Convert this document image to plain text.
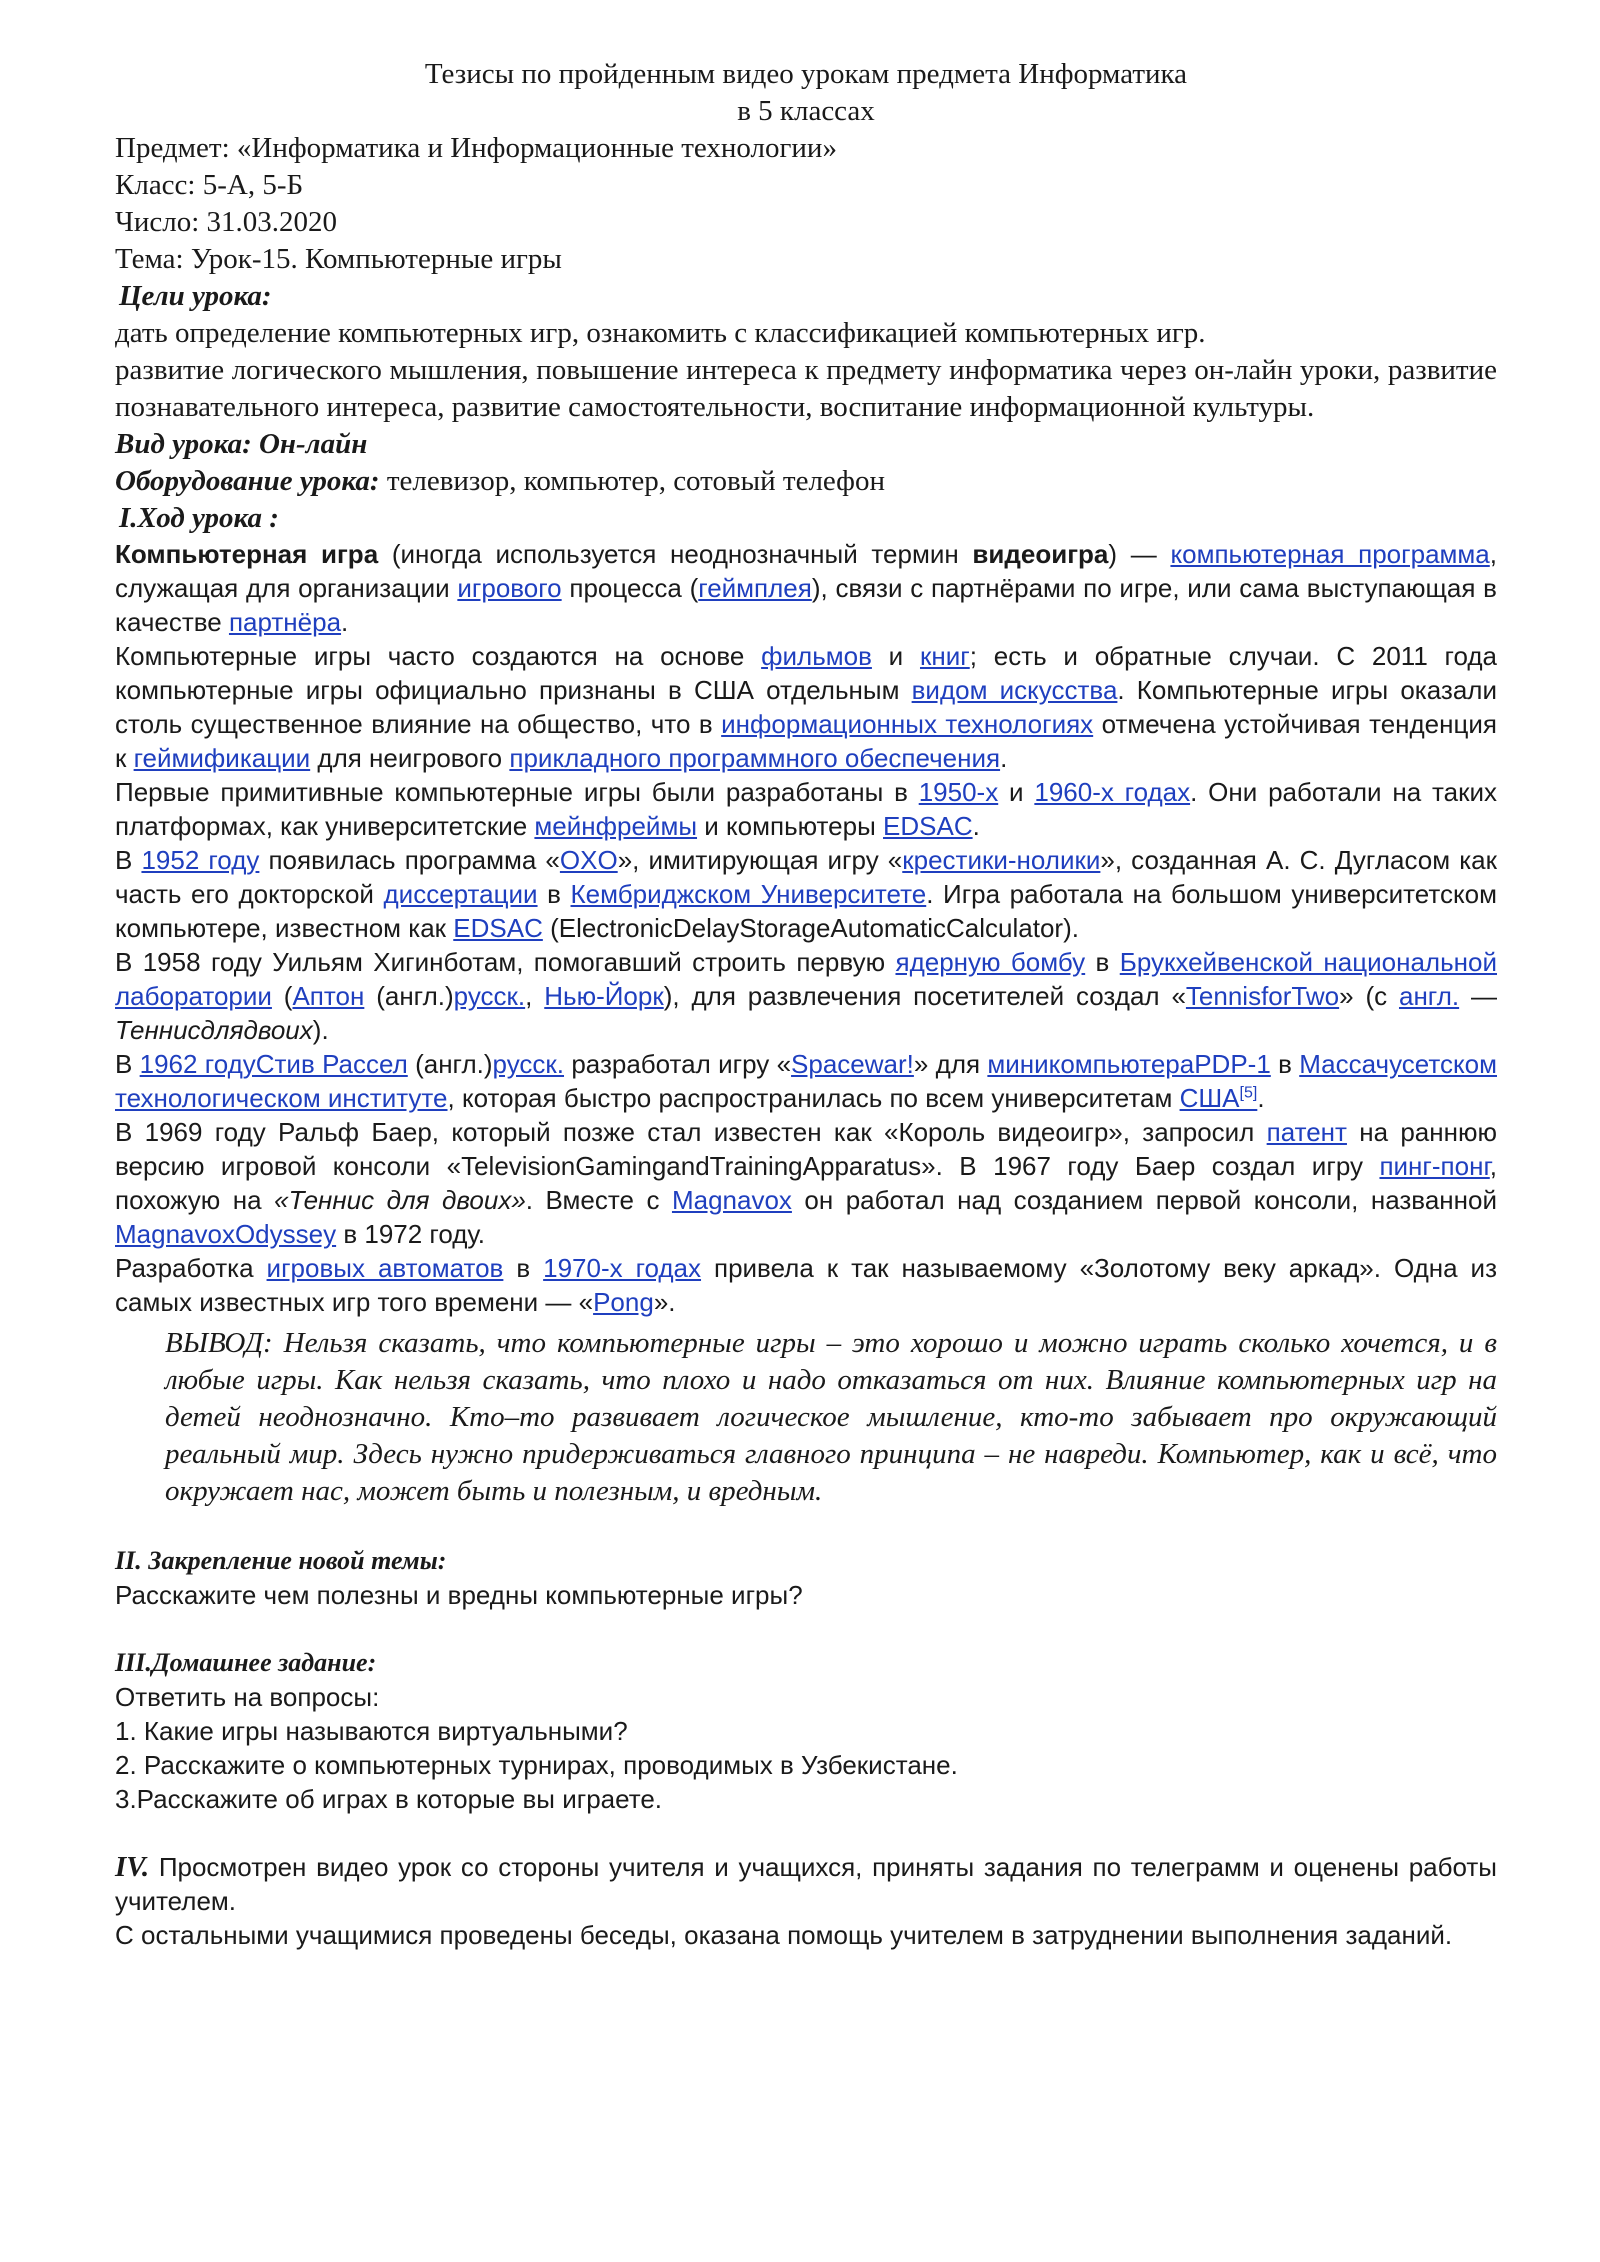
Тезисы по пройденным видео урокам предмета Информатика

в 5 классах

Предмет: «Информатика и Информационные технологии»

Класс: 5-А, 5-Б

Число: 31.03.2020

Тема: Урок-15. Компьютерные игры

Цели урока:

дать определение компьютерных игр, ознакомить с классификацией компьютерных игр.

развитие логического мышления, повышение интереса к предмету информатика через он-лайн уроки, развитие познавательного интереса, развитие самостоятельности, воспитание информационной культуры.

Вид урока: Он-лайн

Оборудование урока: телевизор, компьютер, сотовый телефон

I.Ход урока :

Компьютерная игра (иногда используется неоднозначный термин видеоигра) — компьютерная программа, служащая для организации игрового процесса (геймплея), связи с партнёрами по игре, или сама выступающая в качестве партнёра.

Компьютерные игры часто создаются на основе фильмов и книг; есть и обратные случаи. С 2011 года компьютерные игры официально признаны в США отдельным видом искусства. Компьютерные игры оказали столь существенное влияние на общество, что в информационных технологиях отмечена устойчивая тенденция к геймификации для неигрового прикладного программного обеспечения.

Первые примитивные компьютерные игры были разработаны в 1950-х и 1960-х годах. Они работали на таких платформах, как университетские мейнфреймы и компьютеры EDSAC.

В 1952 году появилась программа «OXO», имитирующая игру «крестики-нолики», созданная А. С. Дугласом как часть его докторской диссертации в Кембриджском Университете. Игра работала на большом университетском компьютере, известном как EDSAC (ElectronicDelayStorageAutomaticCalculator).

В 1958 году Уильям Хигинботам, помогавший строить первую ядерную бомбу в Брукхейвенской национальной лаборатории (Аптон (англ.)русск., Нью-Йорк), для развлечения посетителей создал «TennisforTwo» (с англ. — Теннисдлядвоих).

В 1962 годуСтив Рассел (англ.)русск. разработал игру «Spacewar!» для миникомпьютераPDP-1 в Массачусетском технологическом институте, которая быстро распространилась по всем университетам США[5].

В 1969 году Ральф Баер, который позже стал известен как «Король видеоигр», запросил патент на раннюю версию игровой консоли «TelevisionGamingandTrainingApparatus». В 1967 году Баер создал игру пинг-понг, похожую на «Теннис для двоих». Вместе с Magnavox он работал над созданием первой консоли, названной MagnavoxOdyssey в 1972 году.

Разработка игровых автоматов в 1970-х годах привела к так называемому «Золотому веку аркад». Одна из самых известных игр того времени — «Pong».

ВЫВОД: Нельзя сказать, что компьютерные игры – это хорошо и можно играть сколько хочется, и в любые игры. Как нельзя сказать, что плохо и надо отказаться от них. Влияние компьютерных игр на детей неоднозначно. Кто–то развивает логическое мышление, кто-то забывает про окружающий реальный мир. Здесь нужно придерживаться главного принципа – не навреди. Компьютер, как и всё, что окружает нас, может быть и полезным, и вредным.

II. Закрепление новой темы:

Расскажите чем полезны и вредны компьютерные игры?

III.Домашнее задание:

Ответить на вопросы:

1. Какие игры называются виртуальными?

2. Расскажите о компьютерных турнирах, проводимых в Узбекистане.

3.Расскажите об играх в которые вы играете.

IV. Просмотрен видео урок со стороны учителя и учащихся, приняты задания по телеграмм и оценены работы учителем.

С остальными учащимися проведены беседы, оказана помощь учителем в затруднении выполнения заданий.
